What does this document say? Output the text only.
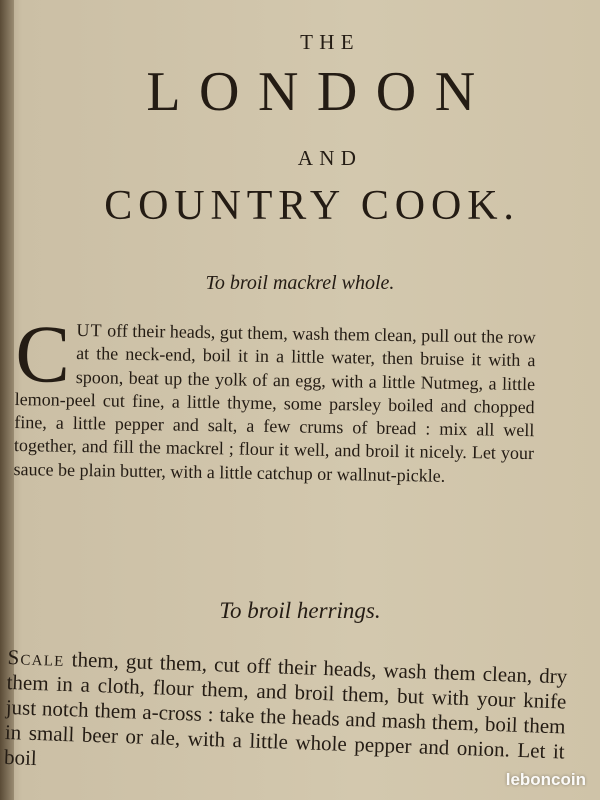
THE
LONDON
AND
COUNTRY COOK.
To broil mackrel whole.
CUT off their heads, gut them, wash them clean, pull out the row at the neck-end, boil it in a little water, then bruise it with a spoon, beat up the yolk of an egg, with a little Nutmeg, a little lemon-peel cut fine, a little thyme, some parsley boiled and chopped fine, a little pepper and salt, a few crums of bread : mix all well together, and fill the mackrel ; flour it well, and broil it nicely. Let your sauce be plain butter, with a little catchup or wallnut-pickle.
To broil herrings.
Scale them, gut them, cut off their heads, wash them clean, dry them in a cloth, flour them, and broil them, but with your knife just notch them a-cross : take the heads and mash them, boil them in small beer or ale, with a little whole pepper and onion. Let it boil
leboncoin
